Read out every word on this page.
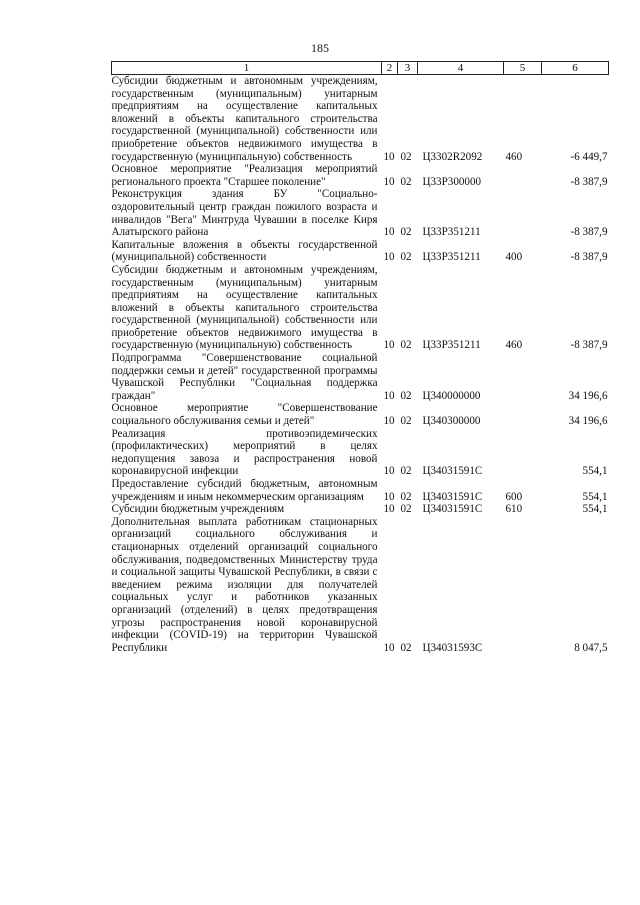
185
1	2	3	4	5	6
Субсидии бюджетным и автономным учреждениям, государственным (муниципальным) унитарным предприятиям на осуществление капитальных вложений в объекты капитального строительства государственной (муниципальной) собственности или приобретение объектов недвижимого имущества в государственную (муниципальную) собственность	10	02	Ц3302R2092	460	-6 449,7
Основное мероприятие "Реализация мероприятий регионального проекта "Старшее поколение"	10	02	Ц33P300000		-8 387,9
Реконструкция здания БУ "Социально-оздоровительный центр граждан пожилого возраста и инвалидов "Вега" Минтруда Чувашии в поселке Киря Алатырского района	10	02	Ц33P351211		-8 387,9
Капитальные вложения в объекты государственной (муниципальной) собственности	10	02	Ц33P351211	400	-8 387,9
Субсидии бюджетным и автономным учреждениям, государственным (муниципальным) унитарным предприятиям на осуществление капитальных вложений в объекты капитального строительства государственной (муниципальной) собственности или приобретение объектов недвижимого имущества в государственную (муниципальную) собственность	10	02	Ц33P351211	460	-8 387,9
Подпрограмма "Совершенствование социальной поддержки семьи и детей" государственной программы Чувашской Республики "Социальная поддержка граждан"	10	02	Ц340000000		34 196,6
Основное мероприятие "Совершенствование социального обслуживания семьи и детей"	10	02	Ц340300000		34 196,6
Реализация противоэпидемических (профилактических) мероприятий в целях недопущения завоза и распространения новой коронавирусной инфекции	10	02	Ц34031591С		554,1
Предоставление субсидий бюджетным, автономным учреждениям и иным некоммерческим организациям	10	02	Ц34031591С	600	554,1
Субсидии бюджетным учреждениям	10	02	Ц34031591С	610	554,1
Дополнительная выплата работникам стационарных организаций социального обслуживания и стационарных отделений организаций социального обслуживания, подведомственных Министерству труда и социальной защиты Чувашской Республики, в связи с введением режима изоляции для получателей социальных услуг и работников указанных организаций (отделений) в целях предотвращения угрозы распространения новой коронавирусной инфекции (COVID-19) на территории Чувашской Республики	10	02	Ц34031593С		8 047,5
